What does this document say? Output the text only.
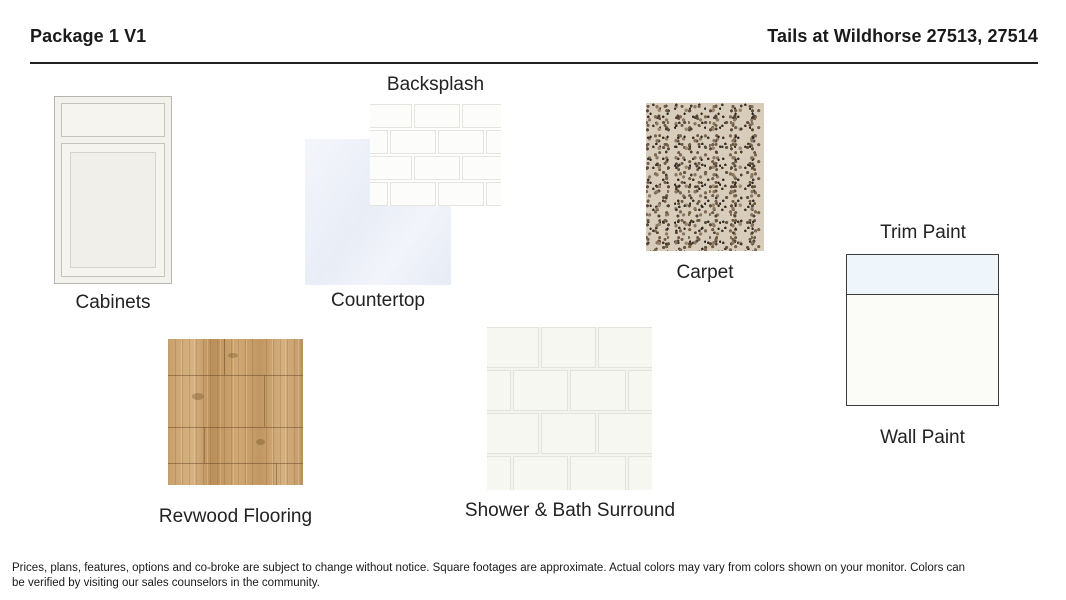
Package 1 V1	Tails at Wildhorse 27513, 27514
Cabinets	Countertop
Backsplash
Carpet
Trim Paint
Wall Paint
Revwood Flooring	Shower & Bath Surround
Prices, plans, features, options and co-broke are subject to change without notice. Square footages are approximate. Actual colors may vary from colors shown on your monitor. Colors can be verified by visiting our sales counselors in the community.
